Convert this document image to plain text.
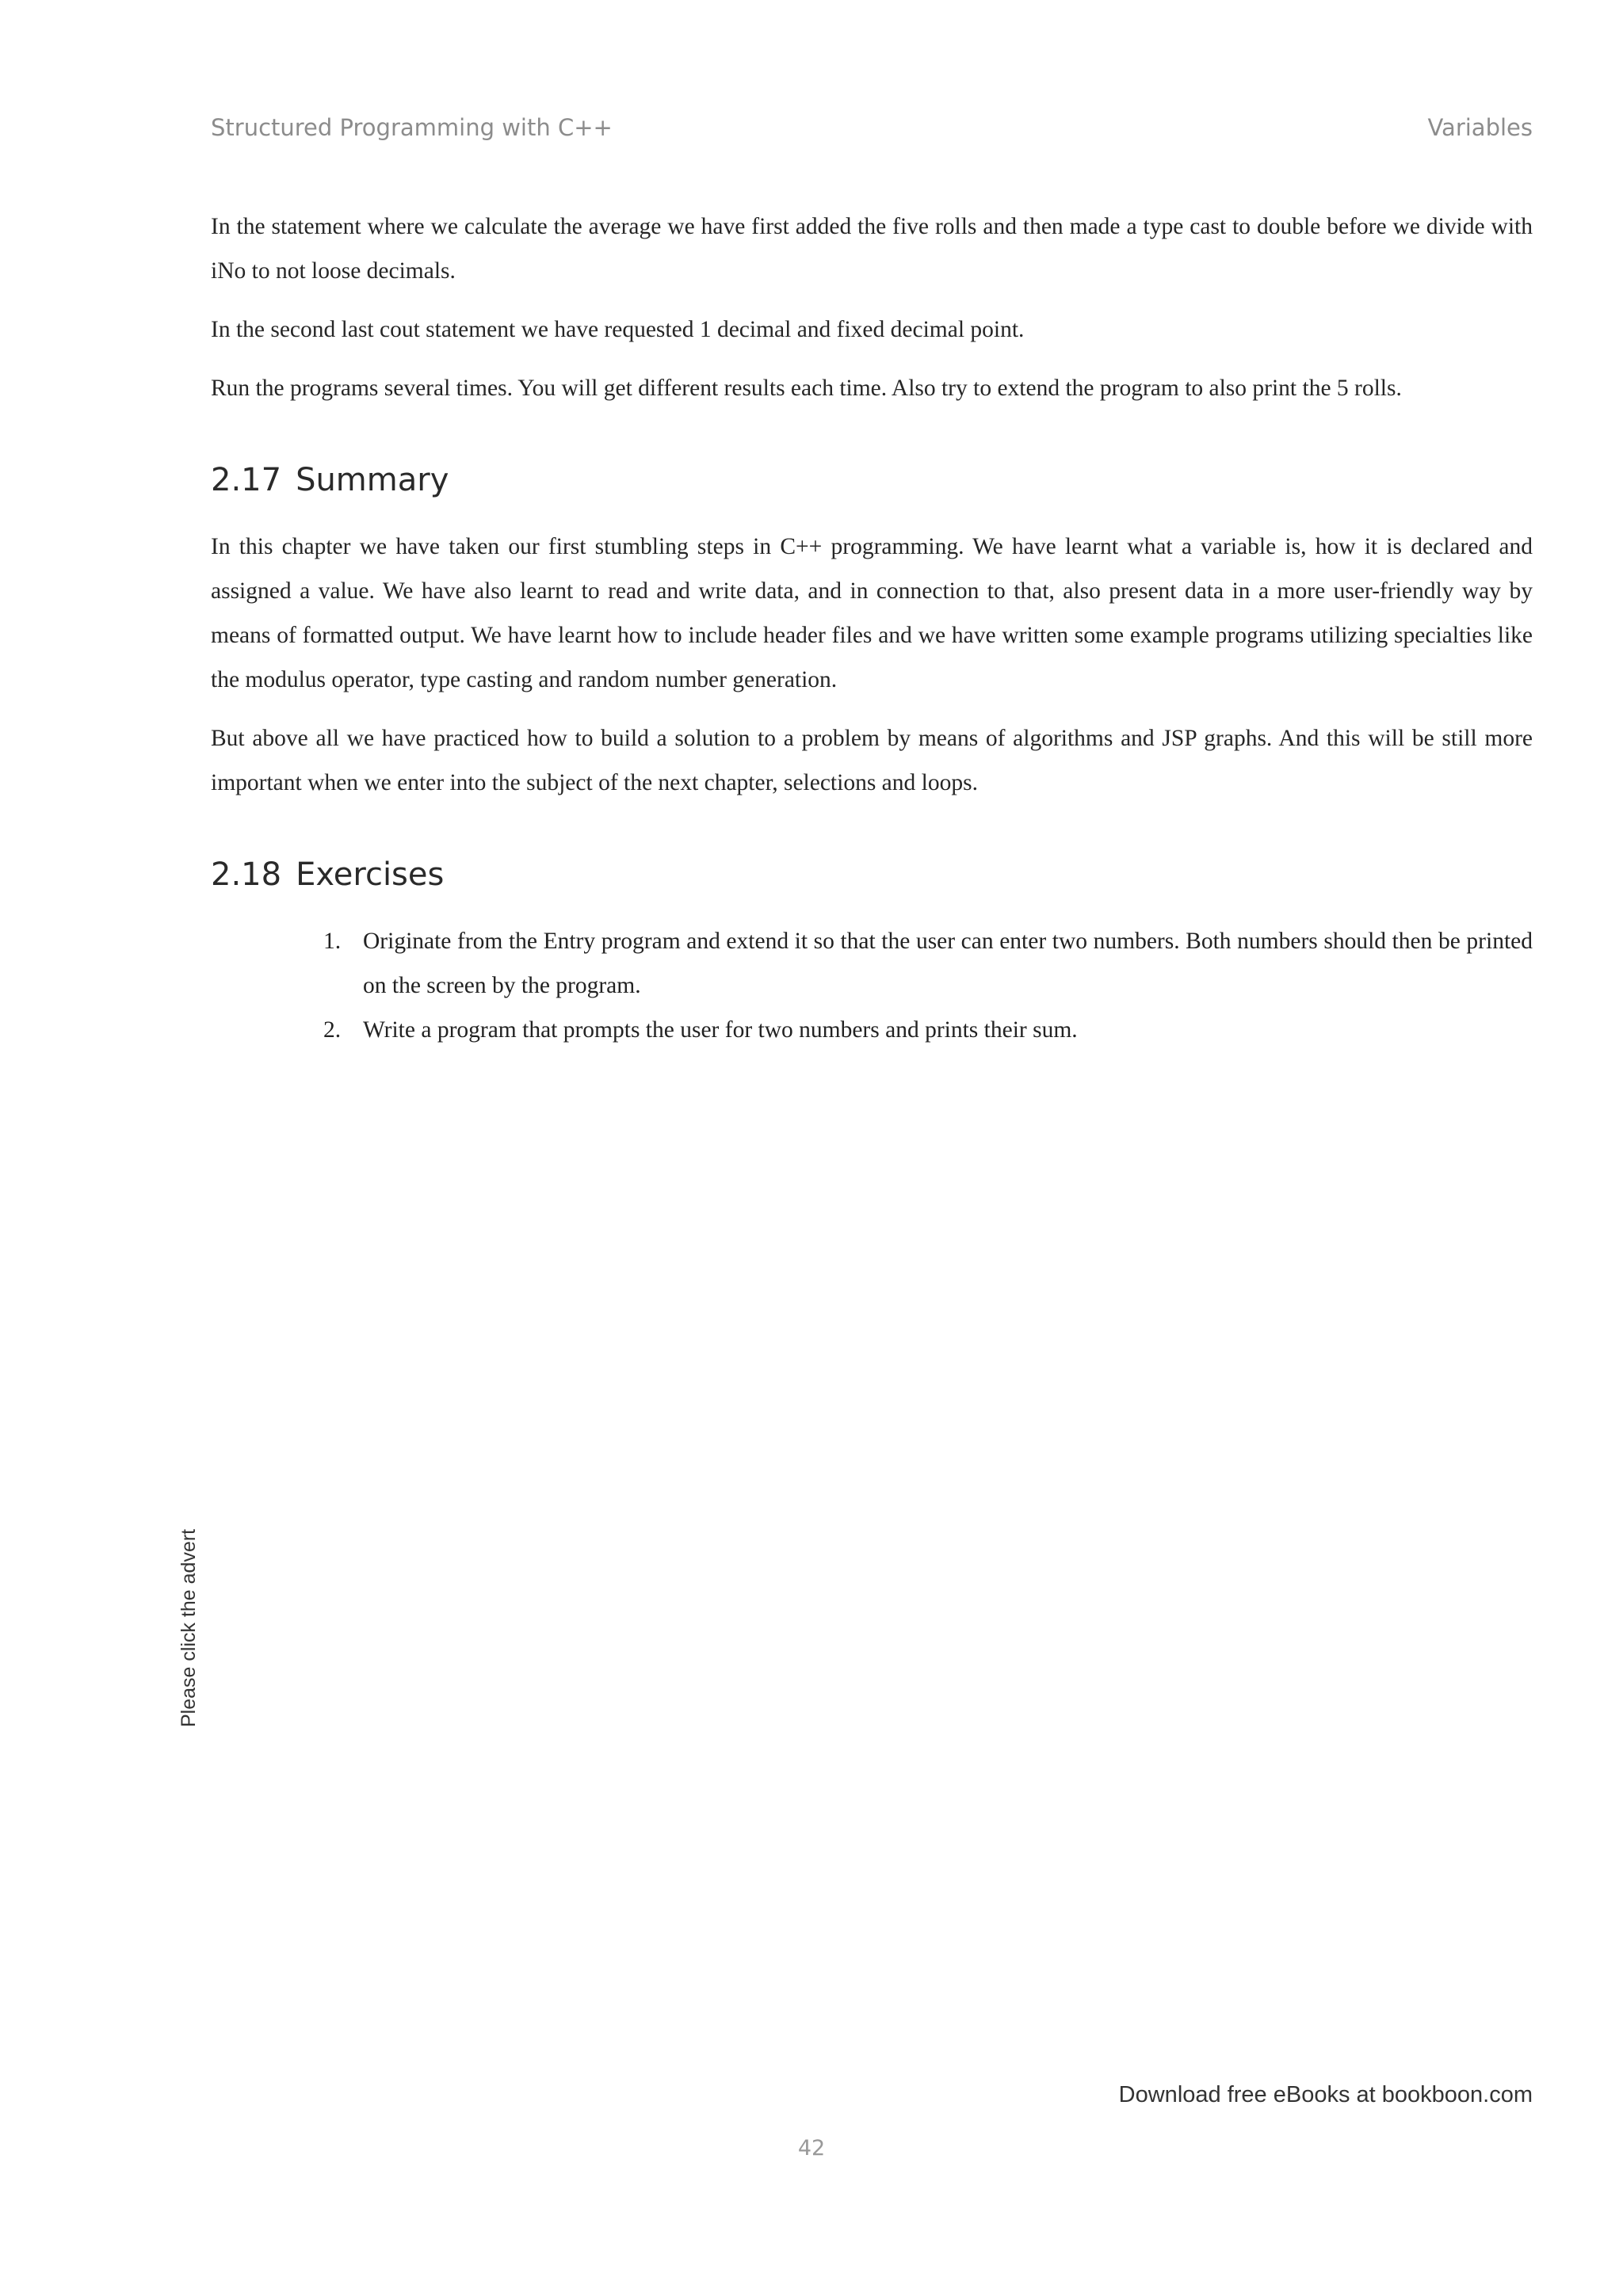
Structured Programming with C++	Variables

In the statement where we calculate the average we have first added the five rolls and then made a type cast to double before we divide with iNo to not loose decimals.

In the second last cout statement we have requested 1 decimal and fixed decimal point.

Run the programs several times. You will get different results each time. Also try to extend the program to also print the 5 rolls.

2.17 Summary

In this chapter we have taken our first stumbling steps in C++ programming. We have learnt what a variable is, how it is declared and assigned a value. We have also learnt to read and write data, and in connection to that, also present data in a more user-friendly way by means of formatted output. We have learnt how to include header files and we have written some example programs utilizing specialties like the modulus operator, type casting and random number generation.

But above all we have practiced how to build a solution to a problem by means of algorithms and JSP graphs. And this will be still more important when we enter into the subject of the next chapter, selections and loops.

2.18 Exercises
1. Originate from the Entry program and extend it so that the user can enter two numbers. Both numbers should then be printed on the screen by the program.
2. Write a program that prompts the user for two numbers and prints their sum.
Please click the advert
Download free eBooks at bookboon.com
42
